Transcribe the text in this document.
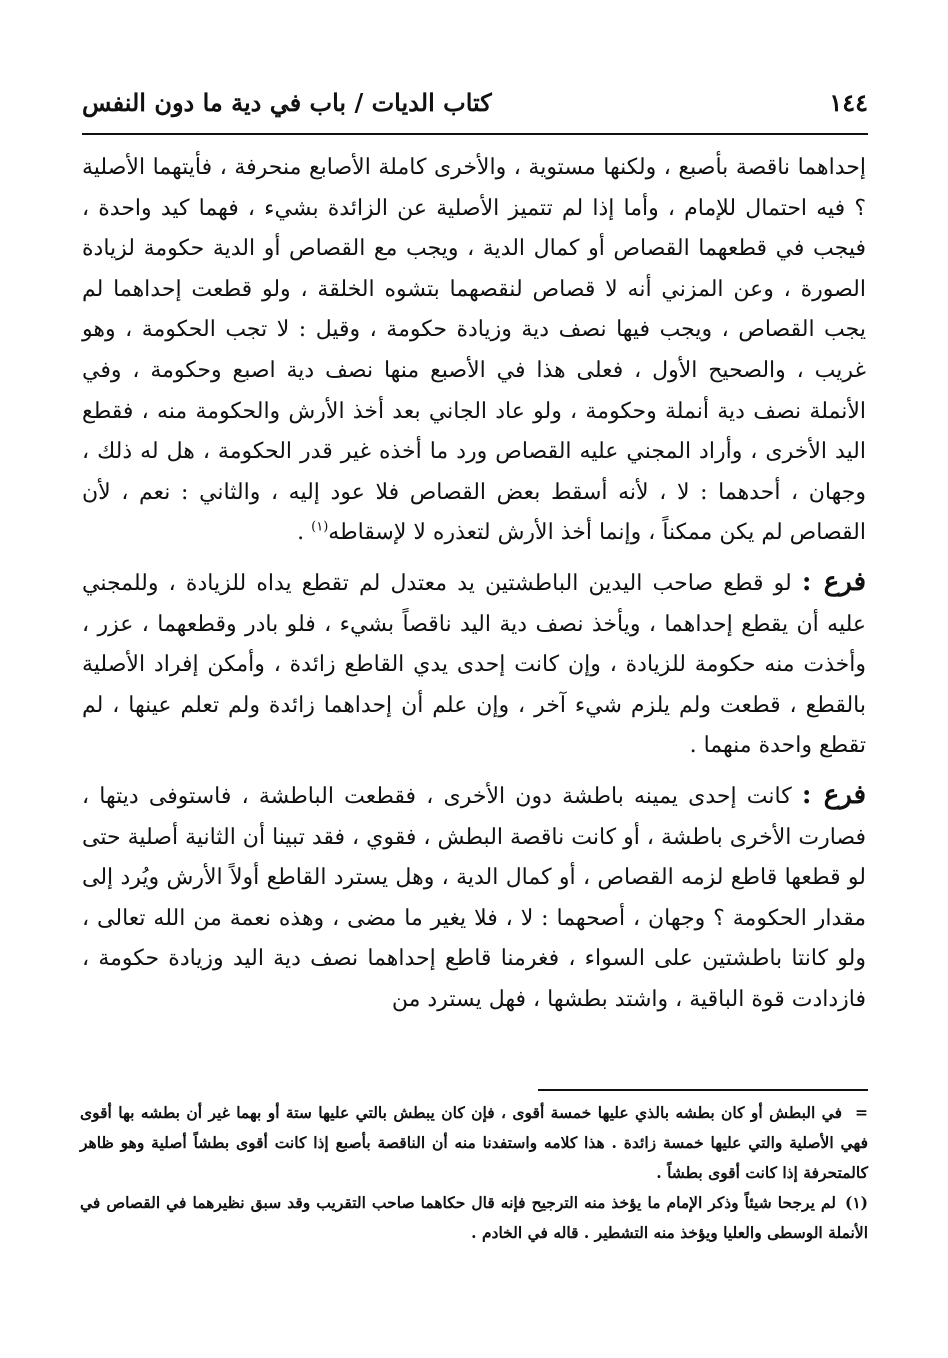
١٤٤
كتاب الديات / باب في دية ما دون النفس

إحداهما ناقصة بأصبع ، ولكنها مستوية ، والأخرى كاملة الأصابع منحرفة ، فأيتهما الأصلية ؟ فيه احتمال للإمام ، وأما إذا لم تتميز الأصلية عن الزائدة بشيء ، فهما كيد واحدة ، فيجب في قطعهما القصاص أو كمال الدية ، ويجب مع القصاص أو الدية حكومة لزيادة الصورة ، وعن المزني أنه لا قصاص لنقصهما بتشوه الخلقة ، ولو قطعت إحداهما لم يجب القصاص ، ويجب فيها نصف دية وزيادة حكومة ، وقيل : لا تجب الحكومة ، وهو غريب ، والصحيح الأول ، فعلى هذا في الأصبع منها نصف دية اصبع وحكومة ، وفي الأنملة نصف دية أنملة وحكومة ، ولو عاد الجاني بعد أخذ الأرش والحكومة منه ، فقطع اليد الأخرى ، وأراد المجني عليه القصاص ورد ما أخذه غير قدر الحكومة ، هل له ذلك ، وجهان ، أحدهما : لا ، لأنه أسقط بعض القصاص فلا عود إليه ، والثاني : نعم ، لأن القصاص لم يكن ممكناً ، وإنما أخذ الأرش لتعذره لا لإسقاطه$^{(١)}$ .

فرع : لو قطع صاحب اليدين الباطشتين يد معتدل لم تقطع يداه للزيادة ، وللمجني عليه أن يقطع إحداهما ، ويأخذ نصف دية اليد ناقصاً بشيء ، فلو بادر وقطعهما ، عزر ، وأخذت منه حكومة للزيادة ، وإن كانت إحدى يدي القاطع زائدة ، وأمكن إفراد الأصلية بالقطع ، قطعت ولم يلزم شيء آخر ، وإن علم أن إحداهما زائدة ولم تعلم عينها ، لم تقطع واحدة منهما .

فرع : كانت إحدى يمينه باطشة دون الأخرى ، فقطعت الباطشة ، فاستوفى ديتها ، فصارت الأخرى باطشة ، أو كانت ناقصة البطش ، فقوي ، فقد تبينا أن الثانية أصلية حتى لو قطعها قاطع لزمه القصاص ، أو كمال الدية ، وهل يسترد القاطع أولاً الأرش ويُرد إلى مقدار الحكومة ؟ وجهان ، أصحهما : لا ، فلا يغير ما مضى ، وهذه نعمة من الله تعالى ، ولو كانتا باطشتين على السواء ، فغرمنا قاطع إحداهما نصف دية اليد وزيادة حكومة ، فازدادت قوة الباقية ، واشتد بطشها ، فهل يسترد من

=في البطش أو كان بطشه بالذي عليها خمسة أقوى ، فإن كان يبطش بالتي عليها ستة أو بهما غير أن بطشه بها أقوى فهي الأصلية والتي عليها خمسة زائدة . هذا كلامه واستفدنا منه أن الناقصة بأصبع إذا كانت أقوى بطشاً أصلية وهو ظاهر كالمتحرفة إذا كانت أقوى بطشاً .

(١) لم يرجحا شيئاً وذكر الإمام ما يؤخذ منه الترجيح فإنه قال حكاهما صاحب التقريب وقد سبق نظيرهما في القصاص في الأنملة الوسطى والعليا ويؤخذ منه التشطير . قاله في الخادم .
